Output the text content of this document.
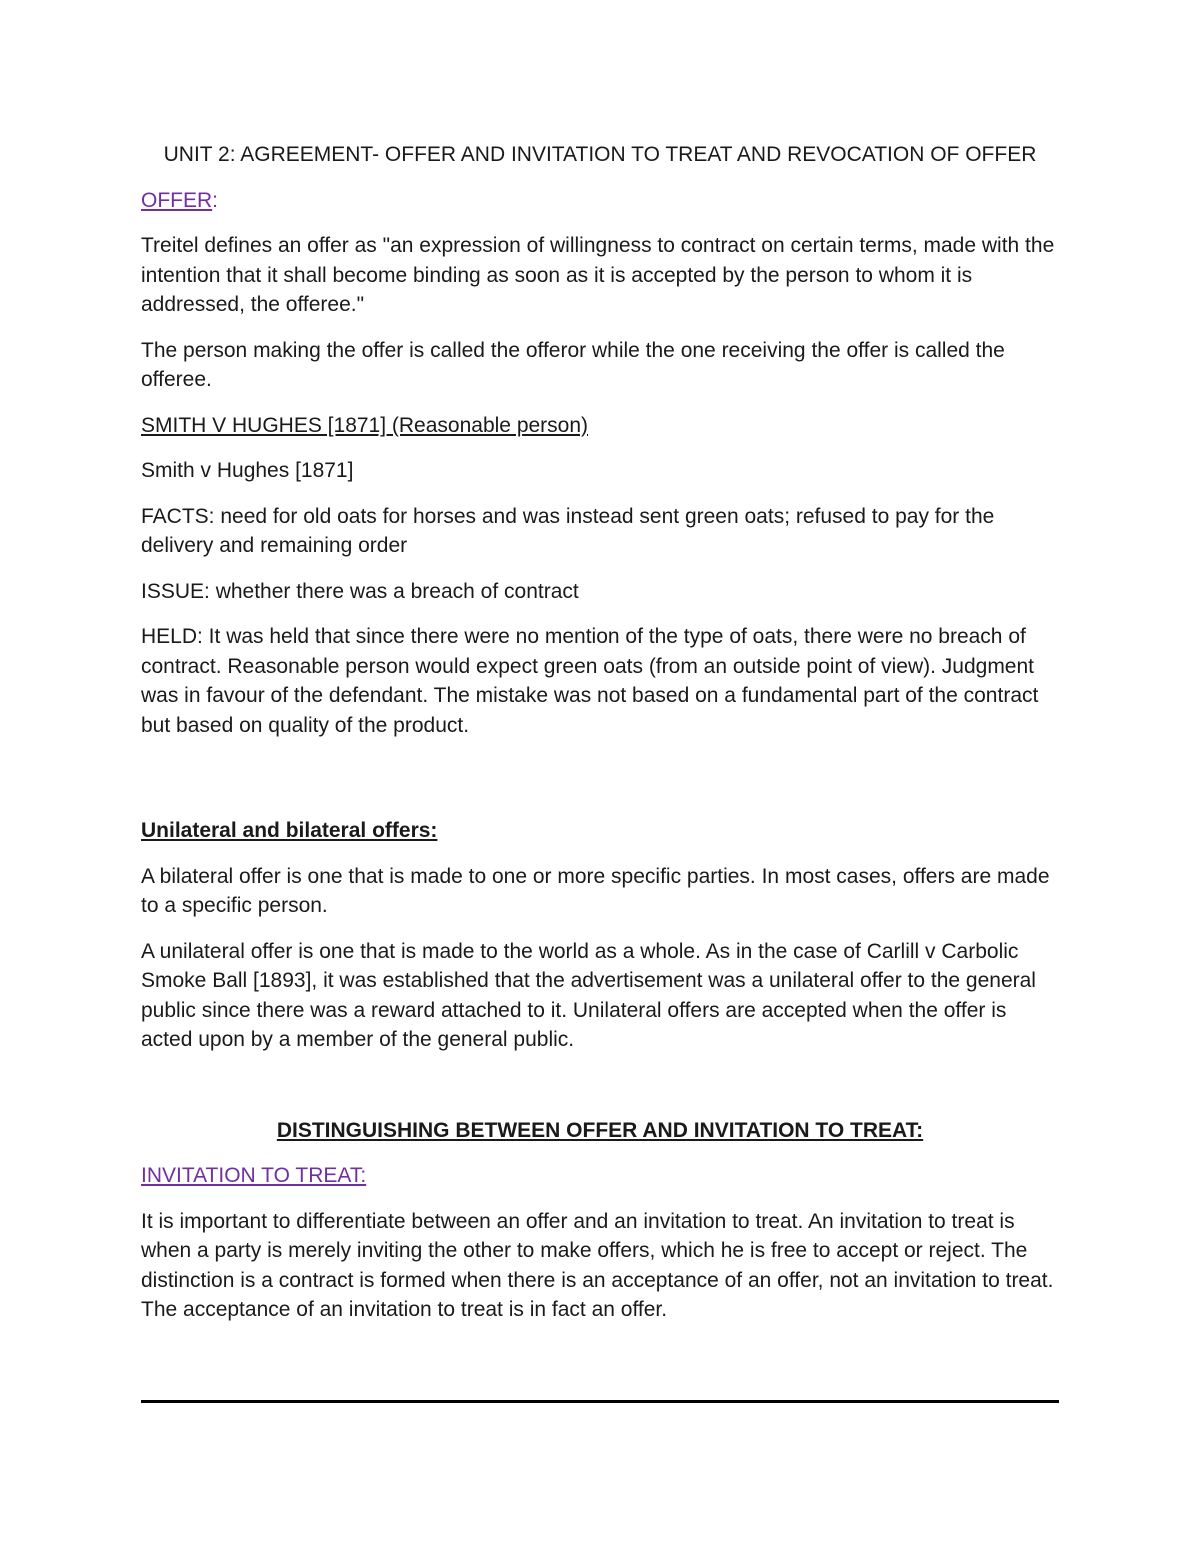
UNIT 2: AGREEMENT- OFFER AND INVITATION TO TREAT AND REVOCATION OF OFFER

OFFER:

Treitel defines an offer as "an expression of willingness to contract on certain terms, made with the intention that it shall become binding as soon as it is accepted by the person to whom it is addressed, the offeree."

The person making the offer is called the offeror while the one receiving the offer is called the offeree.

SMITH V HUGHES [1871] (Reasonable person)

Smith v Hughes [1871]

FACTS: need for old oats for horses and was instead sent green oats; refused to pay for the delivery and remaining order

ISSUE: whether there was a breach of contract

HELD: It was held that since there were no mention of the type of oats, there were no breach of contract. Reasonable person would expect green oats (from an outside point of view). Judgment was in favour of the defendant. The mistake was not based on a fundamental part of the contract but based on quality of the product.

Unilateral and bilateral offers:

A bilateral offer is one that is made to one or more specific parties. In most cases, offers are made to a specific person.

A unilateral offer is one that is made to the world as a whole. As in the case of Carlill v Carbolic Smoke Ball [1893], it was established that the advertisement was a unilateral offer to the general public since there was a reward attached to it. Unilateral offers are accepted when the offer is acted upon by a member of the general public.

DISTINGUISHING BETWEEN OFFER AND INVITATION TO TREAT:

INVITATION TO TREAT:

It is important to differentiate between an offer and an invitation to treat. An invitation to treat is when a party is merely inviting the other to make offers, which he is free to accept or reject. The distinction is a contract is formed when there is an acceptance of an offer, not an invitation to treat. The acceptance of an invitation to treat is in fact an offer.
